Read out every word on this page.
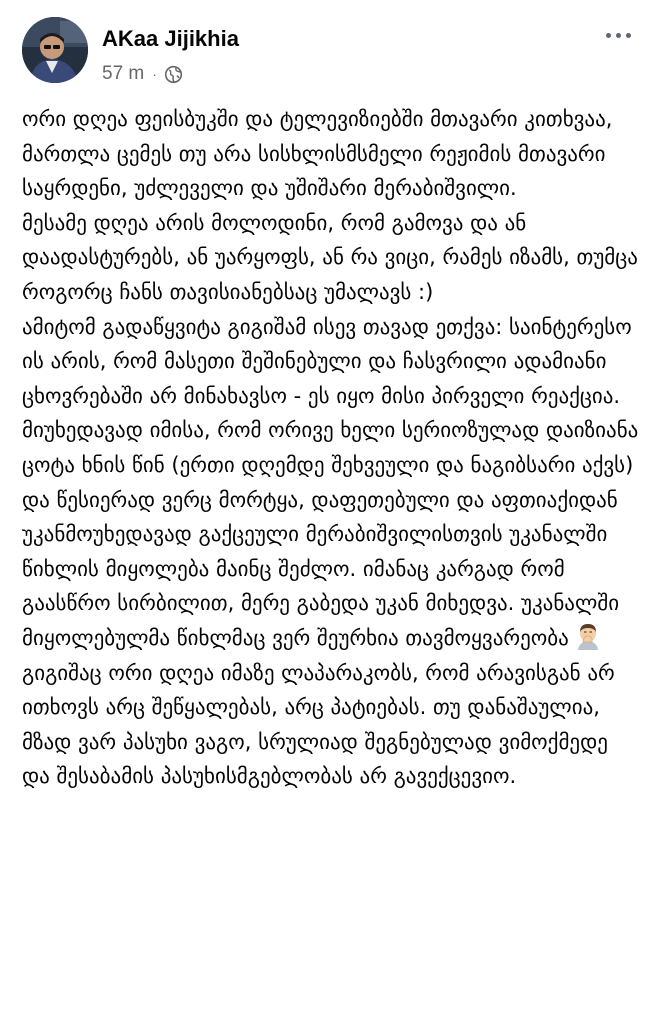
AKaa Jijikhia
57 m ·

ორი დღეა ფეისბუკში და ტელევიზიებში მთავარი კითხვაა, მართლა ცემეს თუ არა სისხლისმსმელი რეჟიმის მთავარი საყრდენი, უძლეველი და უშიშარი მერაბიშვილი.

მესამე დღეა არის მოლოდინი, რომ გამოვა და ან დაადასტურებს, ან უარყოფს, ან რა ვიცი, რამეს იზამს, თუმცა როგორც ჩანს თავისიანებსაც უმალავს :)

ამიტომ გადაწყვიტა გიგიშამ ისევ თავად ეთქვა: საინტერესო ის არის, რომ მასეთი შეშინებული და ჩასვრილი ადამიანი ცხოვრებაში არ მინახავსო - ეს იყო მისი პირველი რეაქცია.

მიუხედავად იმისა, რომ ორივე ხელი სერიოზულად დაიზიანა ცოტა ხნის წინ (ერთი დღემდე შეხვეული და ნაგიბსარი აქვს) და წესიერად ვერც მორტყა, დაფეთებული და აფთიაქიდან უკანმოუხედავად გაქცეული მერაბიშვილისთვის უკანალში წიხლის მიყოლება მაინც შეძლო. იმანაც კარგად რომ გაასწრო სირბილით, მერე გაბედა უკან მიხედვა. უკანალში მიყოლებულმა წიხლმაც ვერ შეურხია თავმოყვარეობა

გიგიშაც ორი დღეა იმაზე ლაპარაკობს, რომ არავისგან არ ითხოვს არც შეწყალებას, არც პატიებას. თუ დანაშაულია, მზად ვარ პასუხი ვაგო, სრულიად შეგნებულად ვიმოქმედე და შესაბამის პასუხისმგებლობას არ გავექცევიო.
